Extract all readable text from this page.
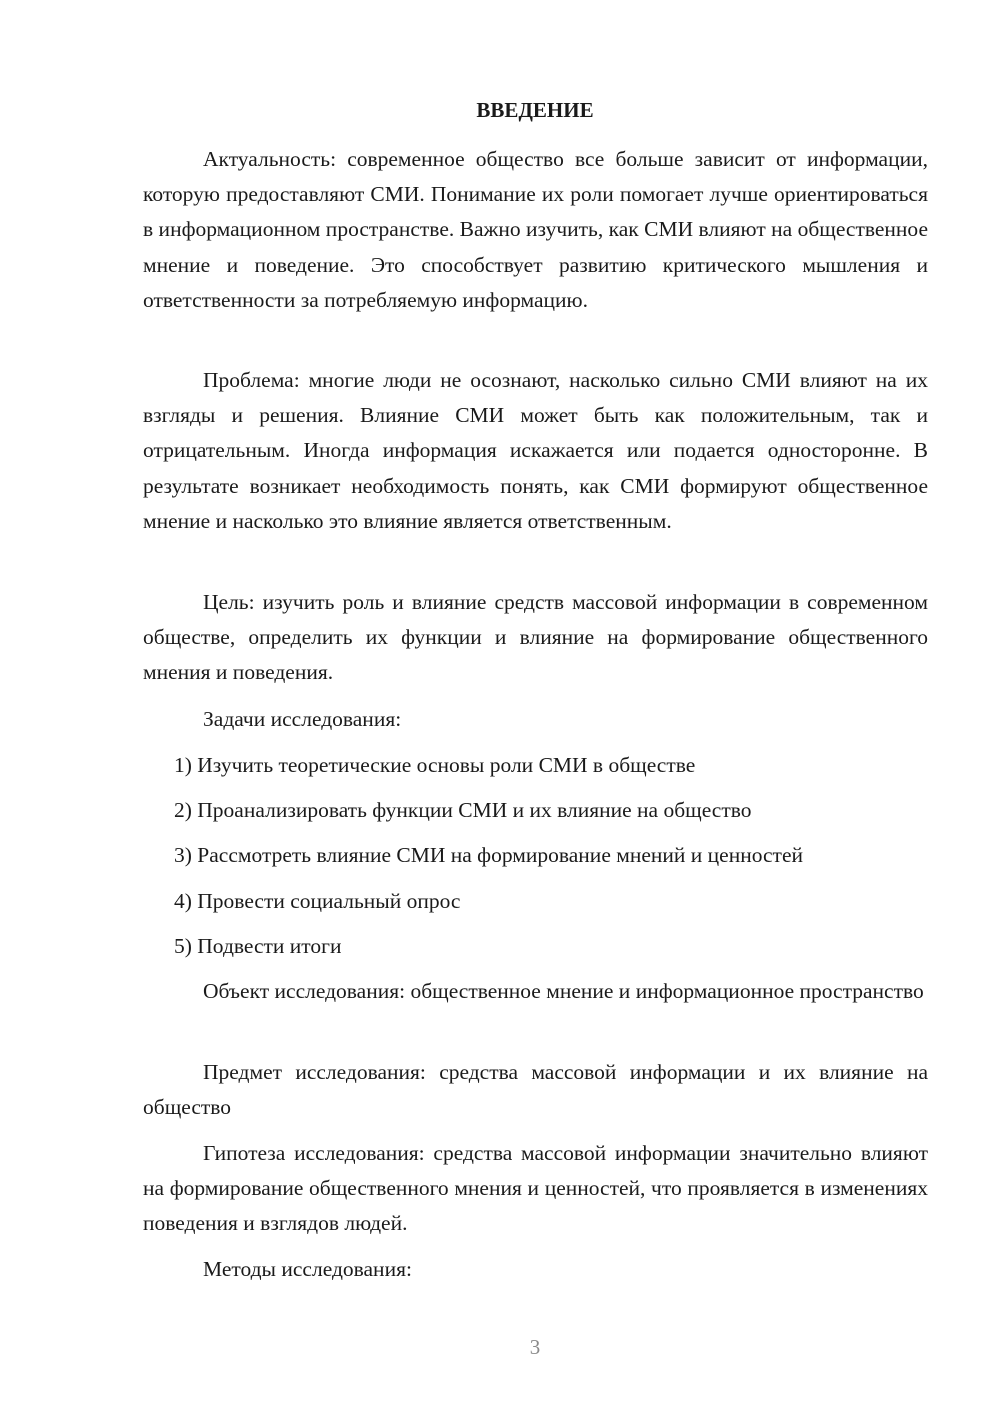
ВВЕДЕНИЕ

Актуальность: современное общество все больше зависит от информации, которую предоставляют СМИ. Понимание их роли помогает лучше ориентироваться в информационном пространстве. Важно изучить, как СМИ влияют на общественное мнение и поведение. Это способствует развитию критического мышления и ответственности за потребляемую информацию.

Проблема: многие люди не осознают, насколько сильно СМИ влияют на их взгляды и решения. Влияние СМИ может быть как положительным, так и отрицательным. Иногда информация искажается или подается односторонне. В результате возникает необходимость понять, как СМИ формируют общественное мнение и насколько это влияние является ответственным.

Цель: изучить роль и влияние средств массовой информации в современном обществе, определить их функции и влияние на формирование общественного мнения и поведения.

Задачи исследования:

1) Изучить теоретические основы роли СМИ в обществе

2) Проанализировать функции СМИ и их влияние на общество

3) Рассмотреть влияние СМИ на формирование мнений и ценностей

4) Провести социальный опрос

5) Подвести итоги

Объект исследования: общественное мнение и информационное пространство

Предмет исследования: средства массовой информации и их влияние на общество

Гипотеза исследования: средства массовой информации значительно влияют на формирование общественного мнения и ценностей, что проявляется в изменениях поведения и взглядов людей.

Методы исследования:

3
